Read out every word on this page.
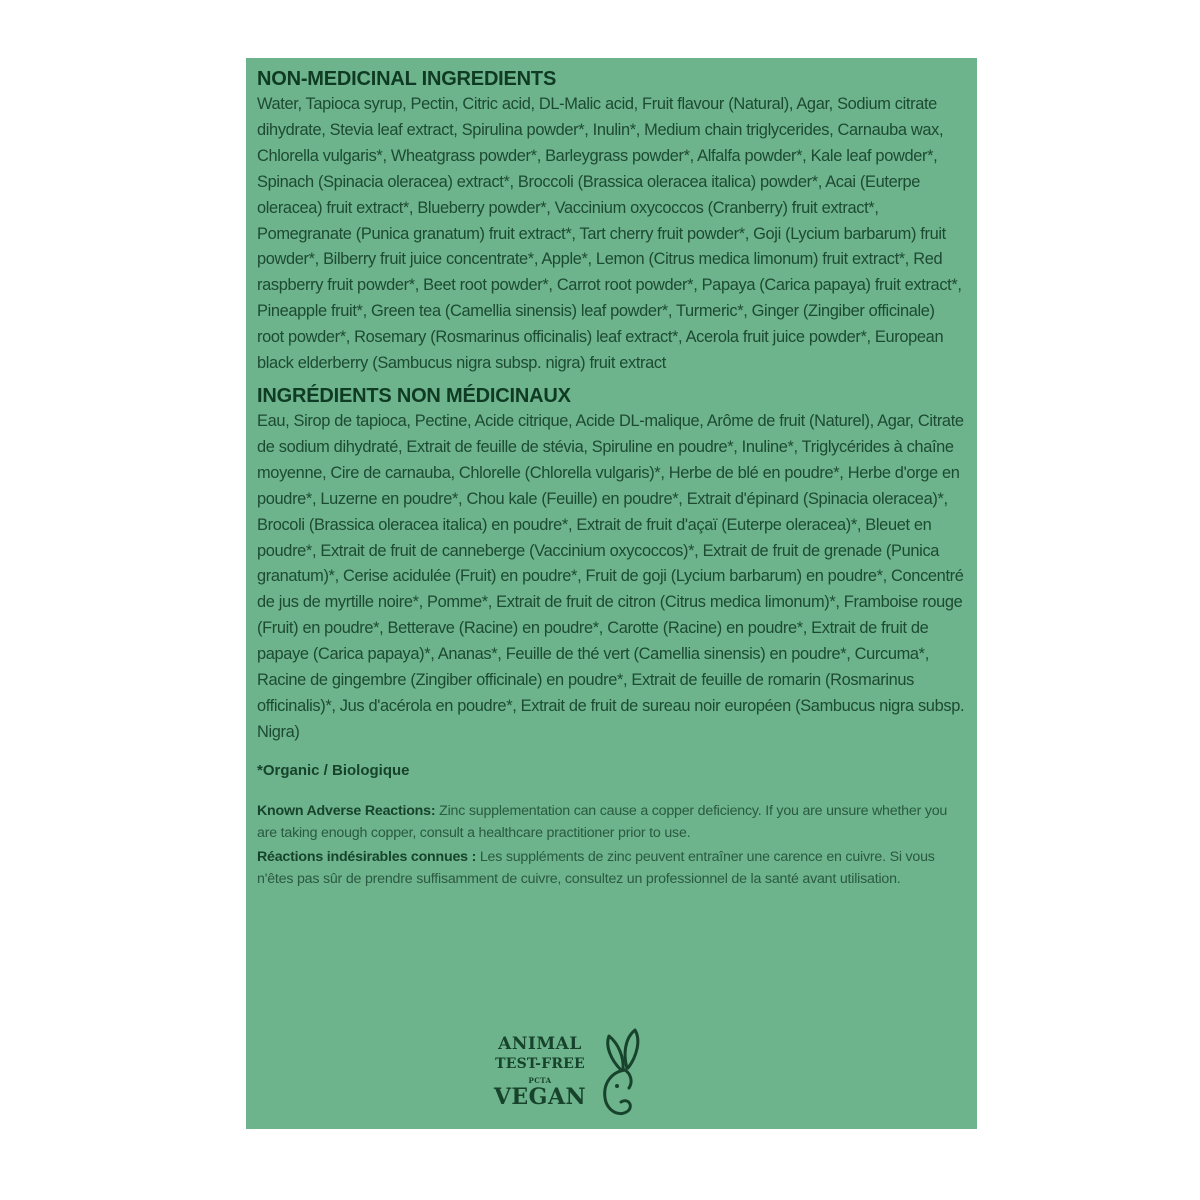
NON-MEDICINAL INGREDIENTS

Water, Tapioca syrup, Pectin, Citric acid, DL-Malic acid, Fruit flavour (Natural), Agar, Sodium citrate dihydrate, Stevia leaf extract, Spirulina powder*, Inulin*, Medium chain triglycerides, Carnauba wax, Chlorella vulgaris*, Wheatgrass powder*, Barleygrass powder*, Alfalfa powder*, Kale leaf powder*, Spinach (Spinacia oleracea) extract*, Broccoli (Brassica oleracea italica) powder*, Acai (Euterpe oleracea) fruit extract*, Blueberry powder*, Vaccinium oxycoccos (Cranberry) fruit extract*, Pomegranate (Punica granatum) fruit extract*, Tart cherry fruit powder*, Goji (Lycium barbarum) fruit powder*, Bilberry fruit juice concentrate*, Apple*, Lemon (Citrus medica limonum) fruit extract*, Red raspberry fruit powder*, Beet root powder*, Carrot root powder*, Papaya (Carica papaya) fruit extract*, Pineapple fruit*, Green tea (Camellia sinensis) leaf powder*, Turmeric*, Ginger (Zingiber officinale) root powder*, Rosemary (Rosmarinus officinalis) leaf extract*, Acerola fruit juice powder*, European black elderberry (Sambucus nigra subsp. nigra) fruit extract

INGRÉDIENTS NON MÉDICINAUX

Eau, Sirop de tapioca, Pectine, Acide citrique, Acide DL-malique, Arôme de fruit (Naturel), Agar, Citrate de sodium dihydraté, Extrait de feuille de stévia, Spiruline en poudre*, Inuline*, Triglycérides à chaîne moyenne, Cire de carnauba, Chlorelle (Chlorella vulgaris)*, Herbe de blé en poudre*, Herbe d'orge en poudre*, Luzerne en poudre*, Chou kale (Feuille) en poudre*, Extrait d'épinard (Spinacia oleracea)*, Brocoli (Brassica oleracea italica) en poudre*, Extrait de fruit d'açaï (Euterpe oleracea)*, Bleuet en poudre*, Extrait de fruit de canneberge (Vaccinium oxycoccos)*, Extrait de fruit de grenade (Punica granatum)*, Cerise acidulée (Fruit) en poudre*, Fruit de goji (Lycium barbarum) en poudre*, Concentré de jus de myrtille noire*, Pomme*, Extrait de fruit de citron (Citrus medica limonum)*, Framboise rouge (Fruit) en poudre*, Betterave (Racine) en poudre*, Carotte (Racine) en poudre*, Extrait de fruit de papaye (Carica papaya)*, Ananas*, Feuille de thé vert (Camellia sinensis) en poudre*, Curcuma*, Racine de gingembre (Zingiber officinale) en poudre*, Extrait de feuille de romarin (Rosmarinus officinalis)*, Jus d'acérola en poudre*, Extrait de fruit de sureau noir européen (Sambucus nigra subsp. Nigra)

*Organic / Biologique

Known Adverse Reactions: Zinc supplementation can cause a copper deficiency. If you are unsure whether you are taking enough copper, consult a healthcare practitioner prior to use.

Réactions indésirables connues : Les suppléments de zinc peuvent entraîner une carence en cuivre. Si vous n'êtes pas sûr de prendre suffisamment de cuivre, consultez un professionnel de la santé avant utilisation.

ANIMAL
TEST-FREE
PCTA
VEGAN
